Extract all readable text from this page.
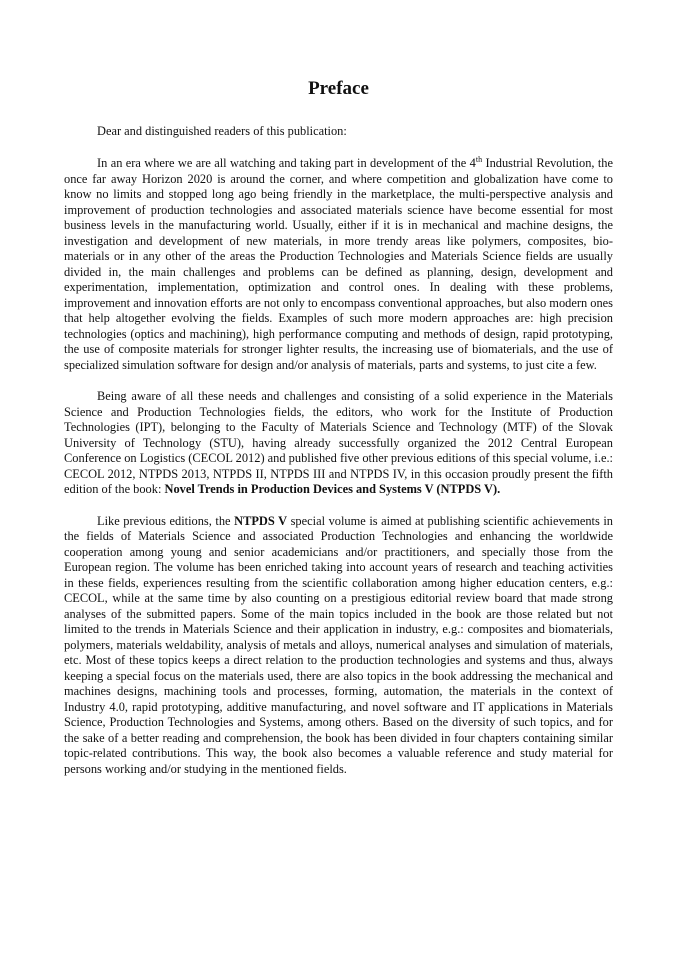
Preface

Dear and distinguished readers of this publication:

In an era where we are all watching and taking part in development of the 4th Industrial Revolution, the once far away Horizon 2020 is around the corner, and where competition and globalization have come to know no limits and stopped long ago being friendly in the marketplace, the multi-perspective analysis and improvement of production technologies and associated materials science have become essential for most business levels in the manufacturing world. Usually, either if it is in mechanical and machine designs, the investigation and development of new materials, in more trendy areas like polymers, composites, bio-materials or in any other of the areas the Production Technologies and Materials Science fields are usually divided in, the main challenges and problems can be defined as planning, design, development and experimentation, implementation, optimization and control ones. In dealing with these problems, improvement and innovation efforts are not only to encompass conventional approaches, but also modern ones that help altogether evolving the fields. Examples of such more modern approaches are: high precision technologies (optics and machining), high performance computing and methods of design, rapid prototyping, the use of composite materials for stronger lighter results, the increasing use of biomaterials, and the use of specialized simulation software for design and/or analysis of materials, parts and systems, to just cite a few.

Being aware of all these needs and challenges and consisting of a solid experience in the Materials Science and Production Technologies fields, the editors, who work for the Institute of Production Technologies (IPT), belonging to the Faculty of Materials Science and Technology (MTF) of the Slovak University of Technology (STU), having already successfully organized the 2012 Central European Conference on Logistics (CECOL 2012) and published five other previous editions of this special volume, i.e.: CECOL 2012, NTPDS 2013, NTPDS II, NTPDS III and NTPDS IV, in this occasion proudly present the fifth edition of the book: Novel Trends in Production Devices and Systems V (NTPDS V).

Like previous editions, the NTPDS V special volume is aimed at publishing scientific achievements in the fields of Materials Science and associated Production Technologies and enhancing the worldwide cooperation among young and senior academicians and/or practitioners, and specially those from the European region. The volume has been enriched taking into account years of research and teaching activities in these fields, experiences resulting from the scientific collaboration among higher education centers, e.g.: CECOL, while at the same time by also counting on a prestigious editorial review board that made strong analyses of the submitted papers. Some of the main topics included in the book are those related but not limited to the trends in Materials Science and their application in industry, e.g.: composites and biomaterials, polymers, materials weldability, analysis of metals and alloys, numerical analyses and simulation of materials, etc. Most of these topics keeps a direct relation to the production technologies and systems and thus, always keeping a special focus on the materials used, there are also topics in the book addressing the mechanical and machines designs, machining tools and processes, forming, automation, the materials in the context of Industry 4.0, rapid prototyping, additive manufacturing, and novel software and IT applications in Materials Science, Production Technologies and Systems, among others. Based on the diversity of such topics, and for the sake of a better reading and comprehension, the book has been divided in four chapters containing similar topic-related contributions. This way, the book also becomes a valuable reference and study material for persons working and/or studying in the mentioned fields.
